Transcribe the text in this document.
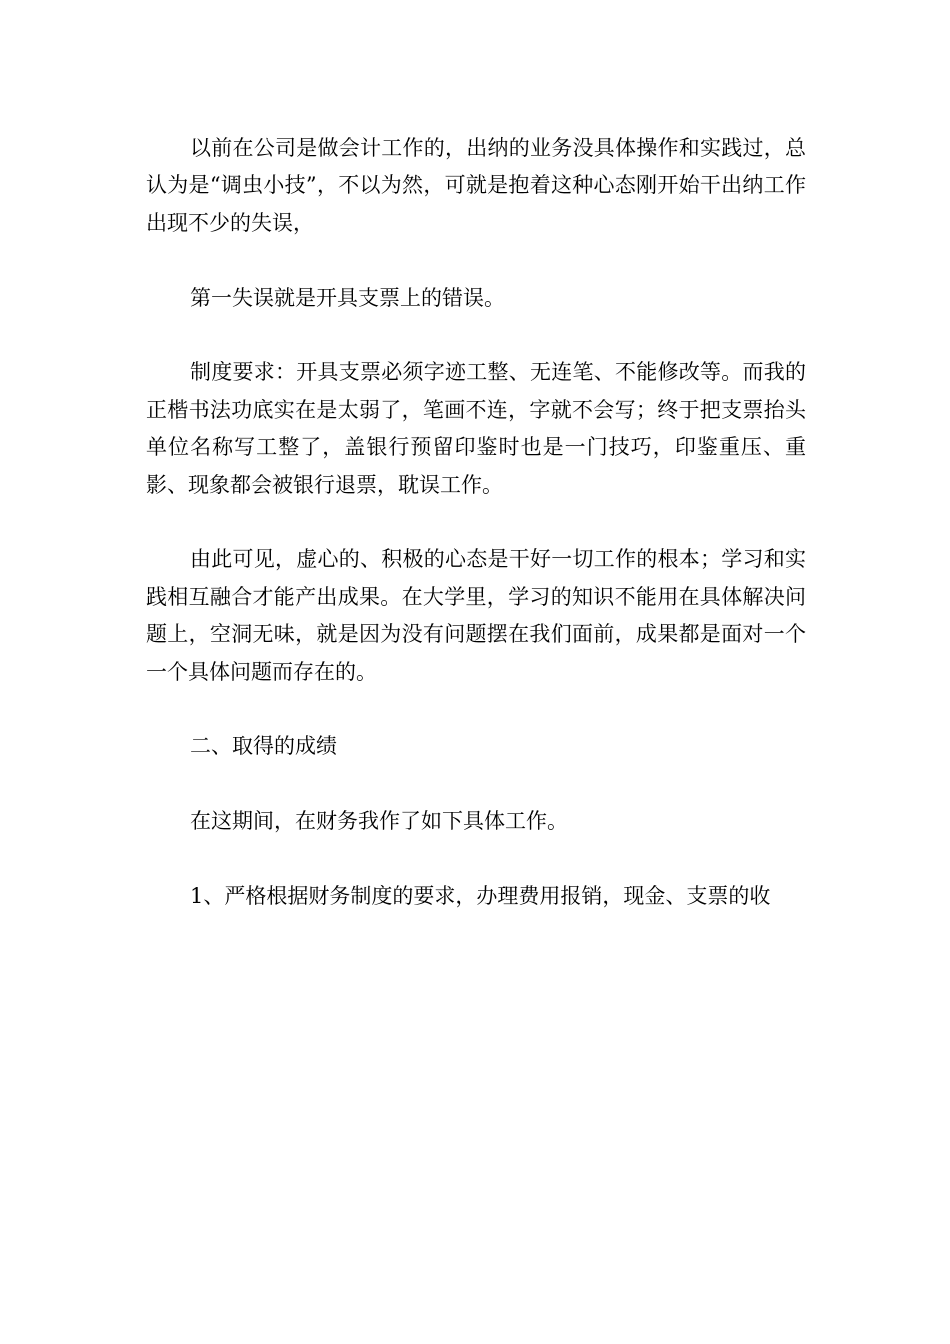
以前在公司是做会计工作的，出纳的业务没具体操作和实践过，总认为是“调虫小技”，不以为然，可就是抱着这种心态刚开始干出纳工作出现不少的失误，

第一失误就是开具支票上的错误。

制度要求：开具支票必须字迹工整、无连笔、不能修改等。而我的正楷书法功底实在是太弱了，笔画不连，字就不会写；终于把支票抬头单位名称写工整了，盖银行预留印鉴时也是一门技巧，印鉴重压、重影、现象都会被银行退票，耽误工作。

由此可见，虚心的、积极的心态是干好一切工作的根本；学习和实践相互融合才能产出成果。在大学里，学习的知识不能用在具体解决问题上，空洞无味，就是因为没有问题摆在我们面前，成果都是面对一个一个具体问题而存在的。

二、取得的成绩

在这期间，在财务我作了如下具体工作。

1、严格根据财务制度的要求，办理费用报销，现金、支票的收
